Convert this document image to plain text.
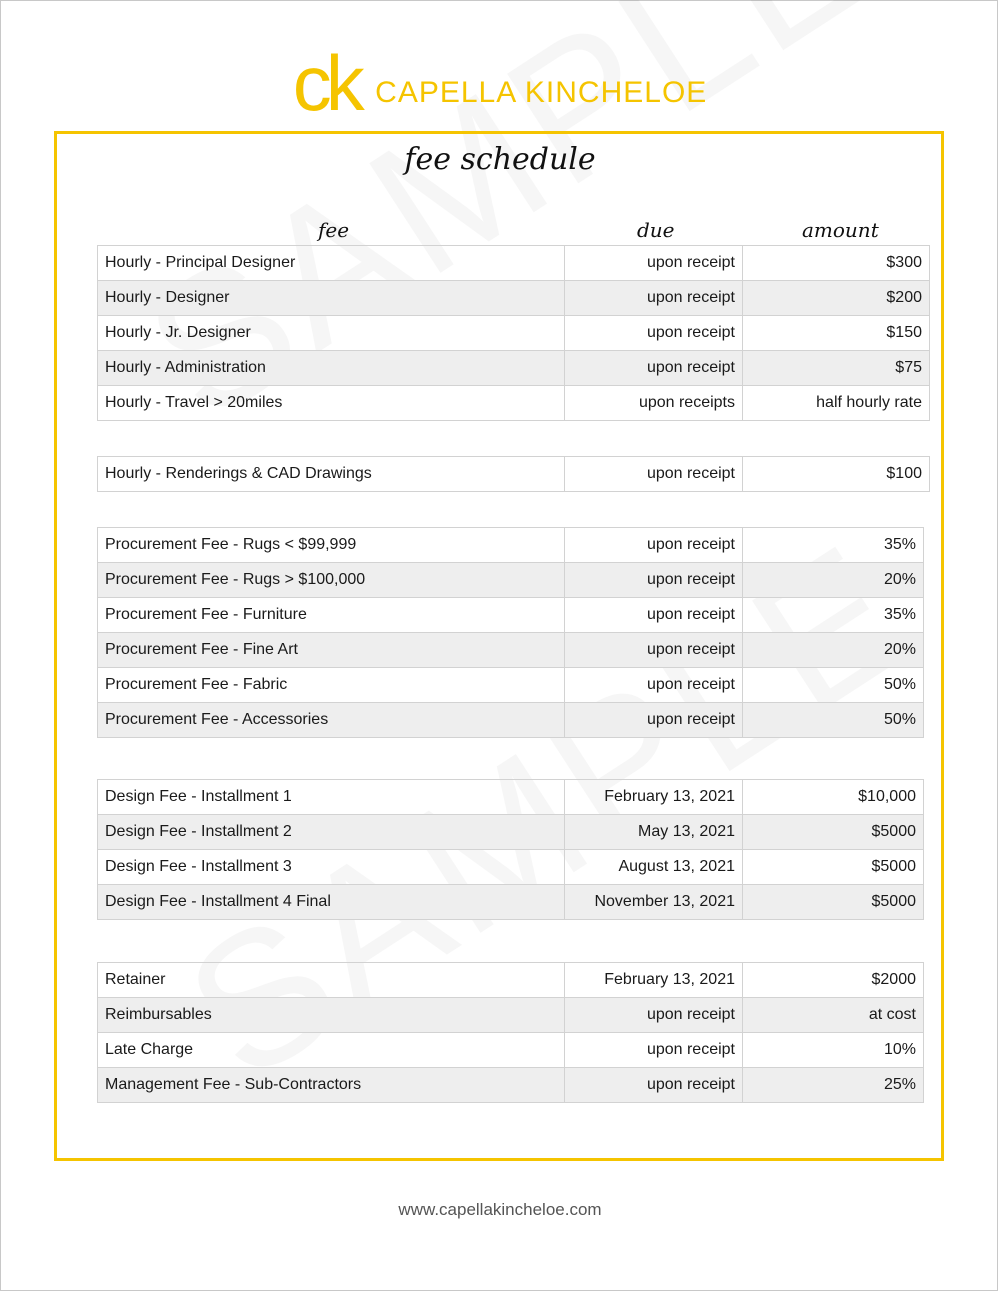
ck CAPELLA KINCHELOE
fee schedule
fee	due	amount
Hourly - Principal Designer	upon receipt	$300
Hourly - Designer	upon receipt	$200
Hourly - Jr. Designer	upon receipt	$150
Hourly - Administration	upon receipt	$75
Hourly - Travel > 20miles	upon receipts	half hourly rate
Hourly - Renderings & CAD Drawings	upon receipt	$100
Procurement Fee - Rugs < $99,999	upon receipt	35%
Procurement Fee - Rugs > $100,000	upon receipt	20%
Procurement Fee - Furniture	upon receipt	35%
Procurement Fee - Fine Art	upon receipt	20%
Procurement Fee - Fabric	upon receipt	50%
Procurement Fee - Accessories	upon receipt	50%
Design Fee - Installment 1	February 13, 2021	$10,000
Design Fee - Installment 2	May 13, 2021	$5000
Design Fee - Installment 3	August 13, 2021	$5000
Design Fee - Installment 4 Final	November 13, 2021	$5000
Retainer	February 13, 2021	$2000
Reimbursables	upon receipt	at cost
Late Charge	upon receipt	10%
Management Fee - Sub-Contractors	upon receipt	25%
www.capellakincheloe.com
